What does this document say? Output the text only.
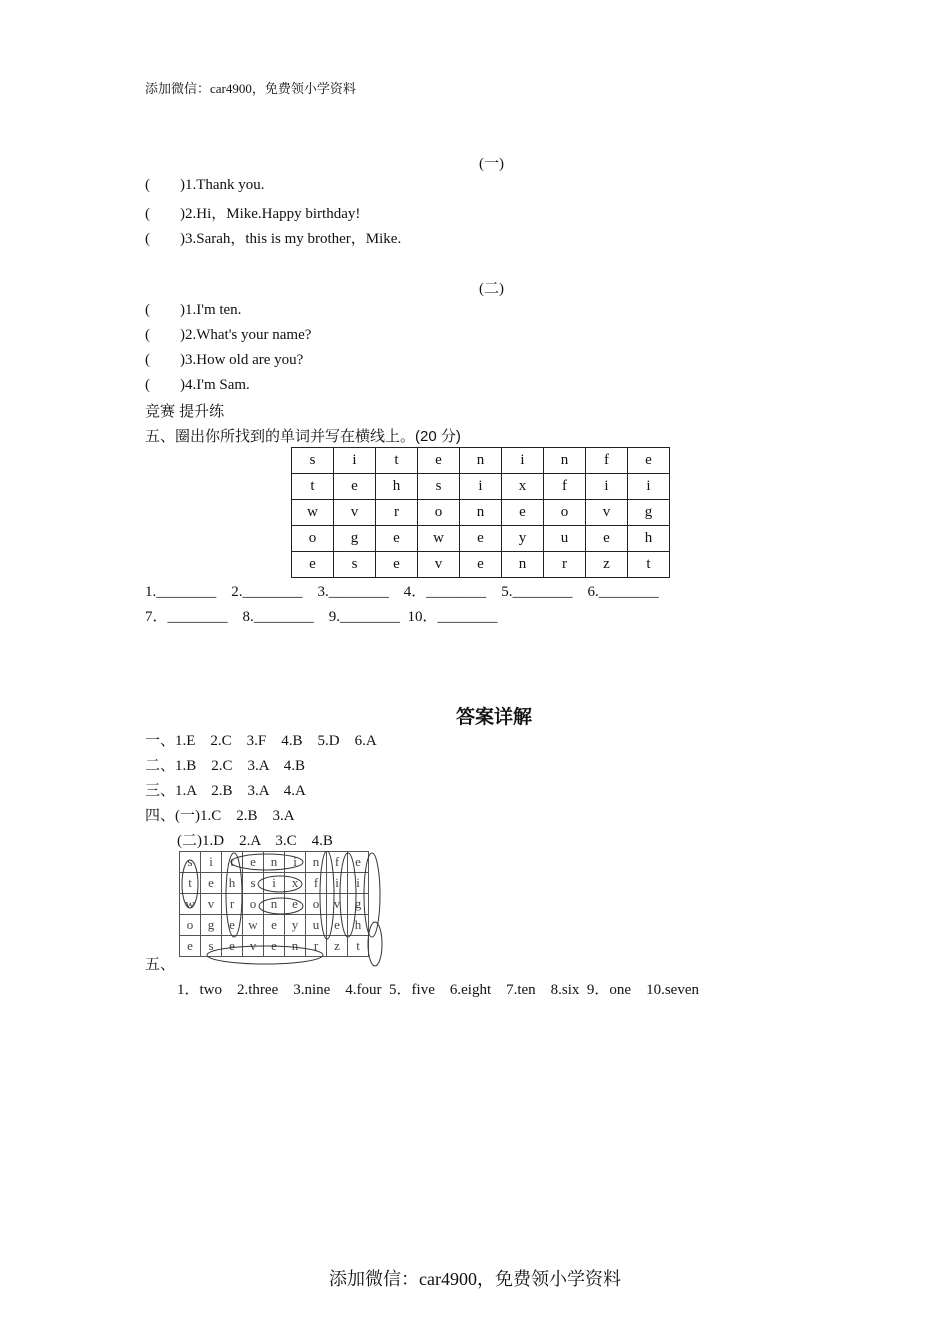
添加微信：car4900，免费领小学资料
(一)
(        )1.Thank you.
(        )2.Hi，Mike.Happy birthday!
(        )3.Sarah，this is my brother，Mike.
(二)
(        )1.I'm ten.
(        )2.What's your name?
(        )3.How old are you?
(        )4.I'm Sam.
竞赛 提升练
五、圈出你所找到的单词并写在横线上。(20 分)
s	i	t	e	n	i	n	f	e
t	e	h	s	i	x	f	i	i
w	v	r	o	n	e	o	v	g
o	g	e	w	e	y	u	e	h
e	s	e	v	e	n	r	z	t
1.________    2.________    3.________    4．________    5.________    6.________
7．________    8.________    9.________  10．________
答案详解
一、1.E    2.C    3.F    4.B    5.D    6.A
二、1.B    2.C    3.A    4.B
三、1.A    2.B    3.A    4.A
四、(一)1.C    2.B    3.A
(二)1.D    2.A    3.C    4.B
s	i	t	e	n	i	n	f	e
t	e	h	s	i	x	f	i	i
w	v	r	o	n	e	o	v	g
o	g	e	w	e	y	u	e	h
e	s	e	v	e	n	r	z	t
五、
1．two    2.three    3.nine    4.four  5．five    6.eight    7.ten    8.six  9．one    10.seven
添加微信：car4900，免费领小学资料
